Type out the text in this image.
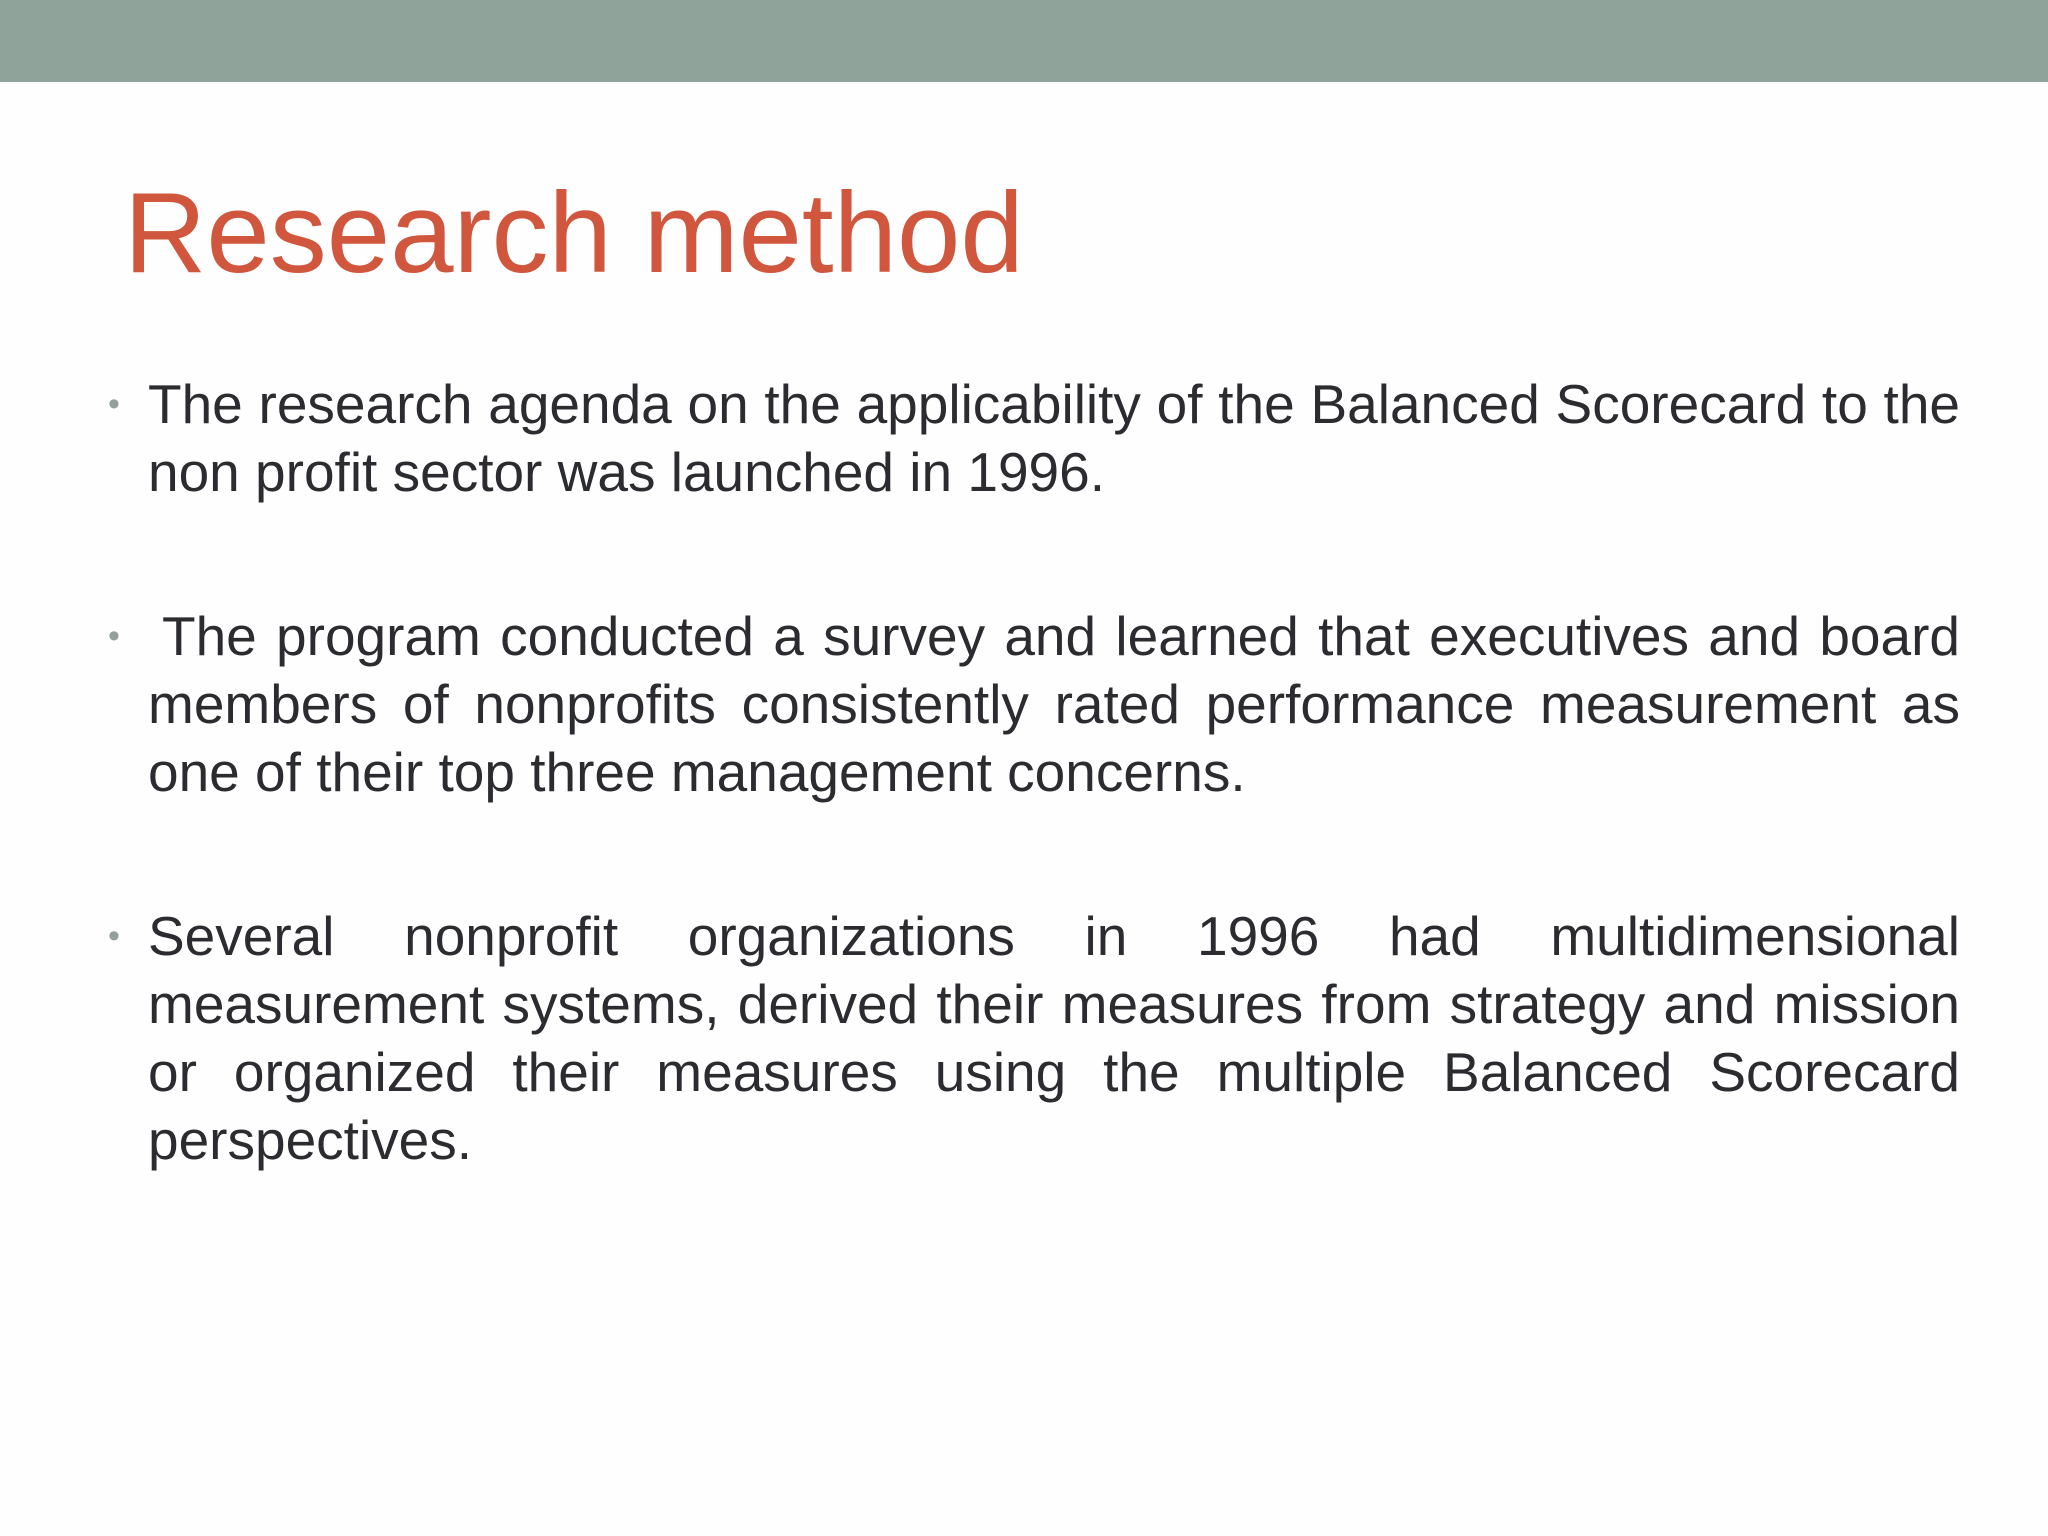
Research method
• The research agenda on the applicability of the Balanced Scorecard to the non profit sector was launched in 1996.
• The program conducted a survey and learned that executives and board members of nonprofits consistently rated performance measurement as one of their top three management concerns.
• Several nonprofit organizations in 1996 had multidimensional measurement systems, derived their measures from strategy and mission or organized their measures using the multiple Balanced Scorecard perspectives.
